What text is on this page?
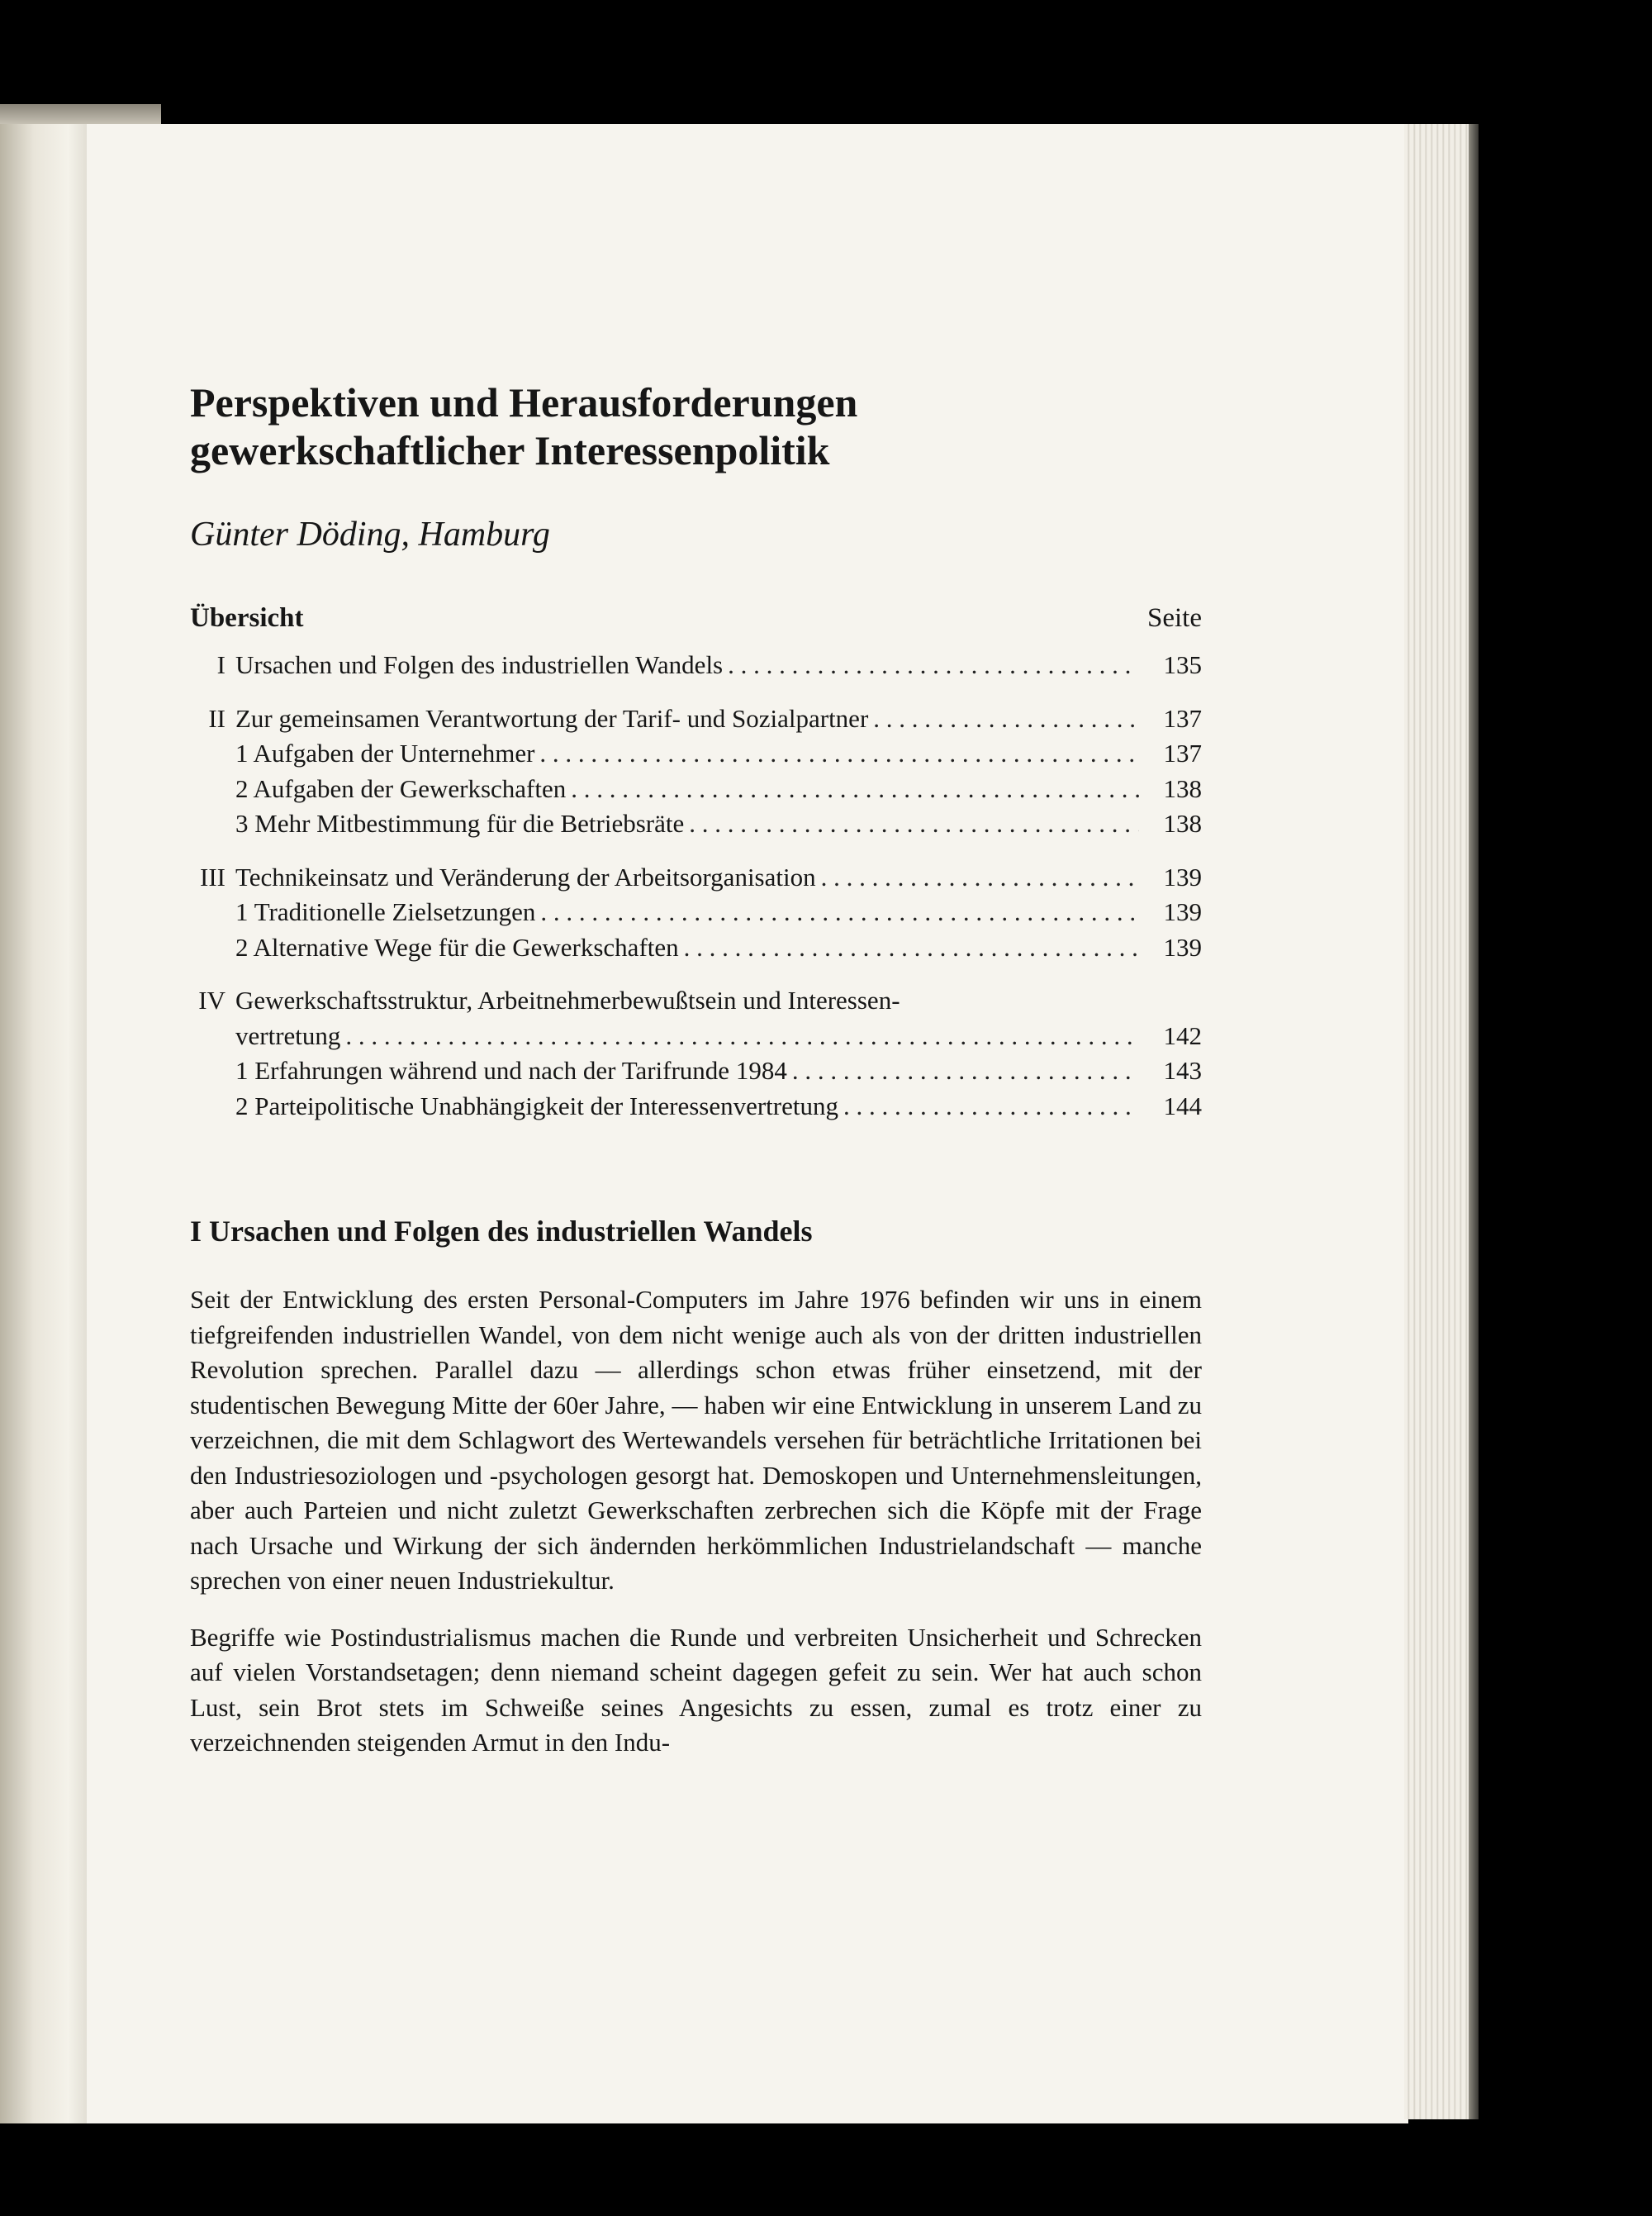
Perspektiven und Herausforderungen
gewerkschaftlicher Interessenpolitik

Günter Döding, Hamburg

Übersicht	Seite
I Ursachen und Folgen des industriellen Wandels . . .	135
II Zur gemeinsamen Verantwortung der Tarif- und Sozialpartner . . .	137
1 Aufgaben der Unternehmer . . .	137
2 Aufgaben der Gewerkschaften . . .	138
3 Mehr Mitbestimmung für die Betriebsräte . . .	138
III Technikeinsatz und Veränderung der Arbeitsorganisation . . .	139
1 Traditionelle Zielsetzungen . . .	139
2 Alternative Wege für die Gewerkschaften . . .	139
IV Gewerkschaftsstruktur, Arbeitnehmerbewußtsein und Interessen-
vertretung . . .	142
1 Erfahrungen während und nach der Tarifrunde 1984 . . .	143
2 Parteipolitische Unabhängigkeit der Interessenvertretung . . .	144
I Ursachen und Folgen des industriellen Wandels

Seit der Entwicklung des ersten Personal-Computers im Jahre 1976 befinden wir uns in einem tiefgreifenden industriellen Wandel, von dem nicht wenige auch als von der dritten industriellen Revolution sprechen. Parallel dazu — allerdings schon etwas früher einsetzend, mit der studentischen Bewegung Mitte der 60er Jahre, — haben wir eine Entwicklung in unserem Land zu verzeichnen, die mit dem Schlagwort des Wertewandels versehen für beträchtliche Irritationen bei den Industriesoziologen und -psychologen gesorgt hat. Demoskopen und Unternehmensleitungen, aber auch Parteien und nicht zuletzt Gewerkschaften zerbrechen sich die Köpfe mit der Frage nach Ursache und Wirkung der sich ändernden herkömmlichen Industrielandschaft — manche sprechen von einer neuen Industriekultur.

Begriffe wie Postindustrialismus machen die Runde und verbreiten Unsicherheit und Schrecken auf vielen Vorstandsetagen; denn niemand scheint dagegen gefeit zu sein. Wer hat auch schon Lust, sein Brot stets im Schweiße seines Angesichts zu essen, zumal es trotz einer zu verzeichnenden steigenden Armut in den Indu-
